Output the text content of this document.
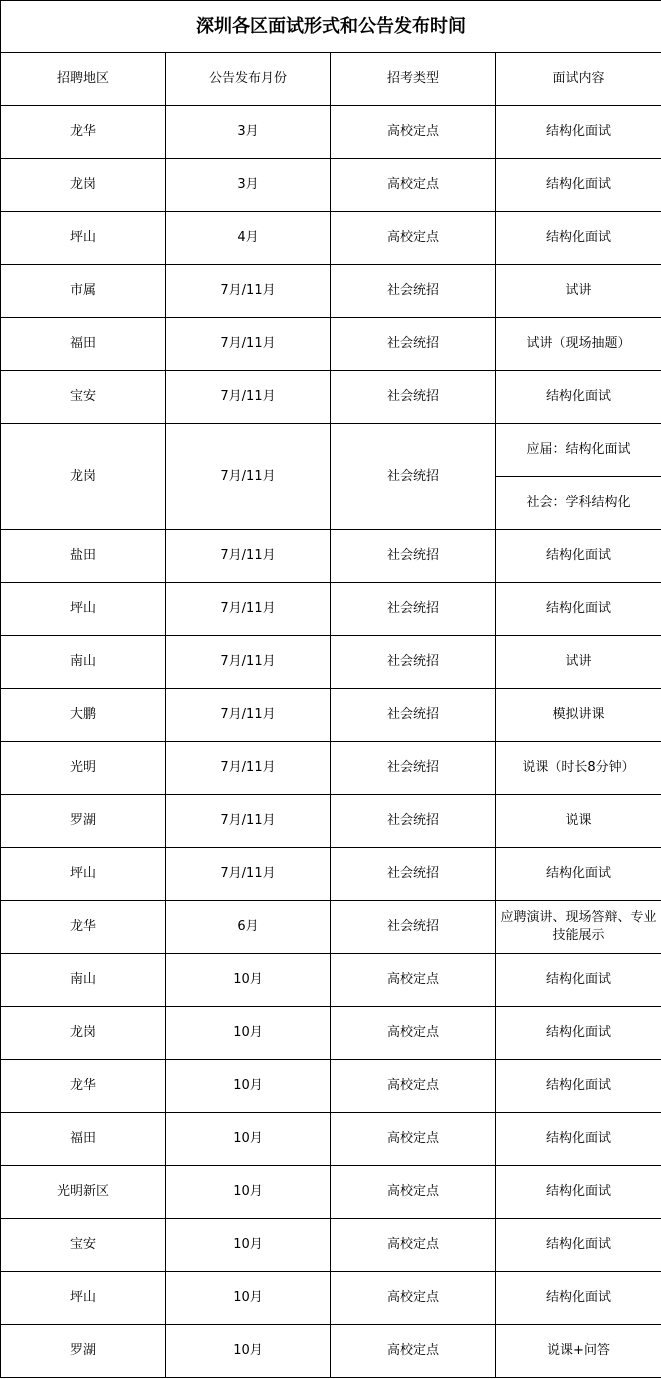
深圳各区面试形式和公告发布时间			
招聘地区	公告发布月份	招考类型	面试内容
龙华	3月	高校定点	结构化面试
龙岗	3月	高校定点	结构化面试
坪山	4月	高校定点	结构化面试
市属	7月/11月	社会统招	试讲
福田	7月/11月	社会统招	试讲（现场抽题）
宝安	7月/11月	社会统招	结构化面试
龙岗	7月/11月	社会统招	应届：结构化面试
			社会：学科结构化
盐田	7月/11月	社会统招	结构化面试
坪山	7月/11月	社会统招	结构化面试
南山	7月/11月	社会统招	试讲
大鹏	7月/11月	社会统招	模拟讲课
光明	7月/11月	社会统招	说课（时长8分钟）
罗湖	7月/11月	社会统招	说课
坪山	7月/11月	社会统招	结构化面试
龙华	6月	社会统招	应聘演讲、现场答辩、专业技能展示
南山	10月	高校定点	结构化面试
龙岗	10月	高校定点	结构化面试
龙华	10月	高校定点	结构化面试
福田	10月	高校定点	结构化面试
光明新区	10月	高校定点	结构化面试
宝安	10月	高校定点	结构化面试
坪山	10月	高校定点	结构化面试
罗湖	10月	高校定点	说课+问答
